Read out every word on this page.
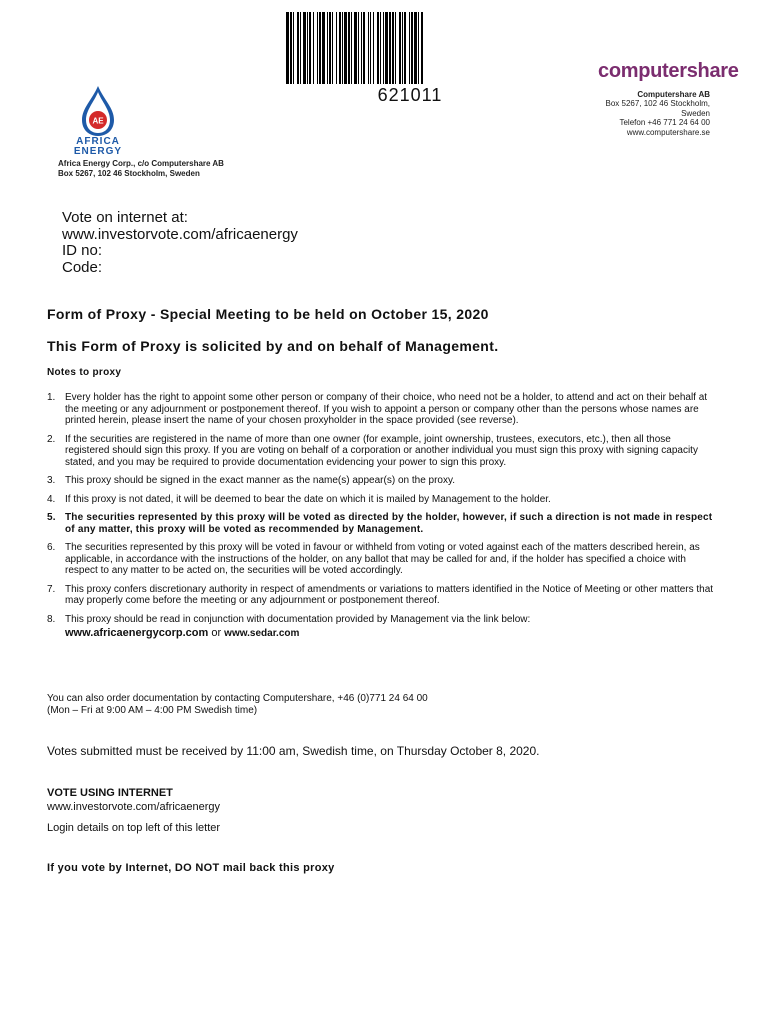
621011
computershare
Computershare AB
Box 5267, 102 46 Stockholm,
Sweden
Telefon +46 771 24 64 00
www.computershare.se
AE
AFRICA
ENERGY
Africa Energy Corp., c/o Computershare AB
Box 5267, 102 46 Stockholm, Sweden
Vote on internet at:
www.investorvote.com/africaenergy
ID no:
Code:
Form of Proxy - Special Meeting to be held on October 15, 2020
This Form of Proxy is solicited by and on behalf of Management.
Notes to proxy
1. Every holder has the right to appoint some other person or company of their choice, who need not be a holder, to attend and act on their behalf at the meeting or any adjournment or postponement thereof. If you wish to appoint a person or company other than the persons whose names are printed herein, please insert the name of your chosen proxyholder in the space provided (see reverse).
2. If the securities are registered in the name of more than one owner (for example, joint ownership, trustees, executors, etc.), then all those registered should sign this proxy. If you are voting on behalf of a corporation or another individual you must sign this proxy with signing capacity stated, and you may be required to provide documentation evidencing your power to sign this proxy.
3. This proxy should be signed in the exact manner as the name(s) appear(s) on the proxy.
4. If this proxy is not dated, it will be deemed to bear the date on which it is mailed by Management to the holder.
5. The securities represented by this proxy will be voted as directed by the holder, however, if such a direction is not made in respect of any matter, this proxy will be voted as recommended by Management.
6. The securities represented by this proxy will be voted in favour or withheld from voting or voted against each of the matters described herein, as applicable, in accordance with the instructions of the holder, on any ballot that may be called for and, if the holder has specified a choice with respect to any matter to be acted on, the securities will be voted accordingly.
7. This proxy confers discretionary authority in respect of amendments or variations to matters identified in the Notice of Meeting or other matters that may properly come before the meeting or any adjournment or postponement thereof.
8. This proxy should be read in conjunction with documentation provided by Management via the link below:
www.africaenergycorp.com or www.sedar.com
You can also order documentation by contacting Computershare, +46 (0)771 24 64 00
(Mon – Fri at 9:00 AM – 4:00 PM Swedish time)
Votes submitted must be received by 11:00 am, Swedish time, on Thursday October 8, 2020.
VOTE USING INTERNET
www.investorvote.com/africaenergy
Login details on top left of this letter
If you vote by Internet, DO NOT mail back this proxy
